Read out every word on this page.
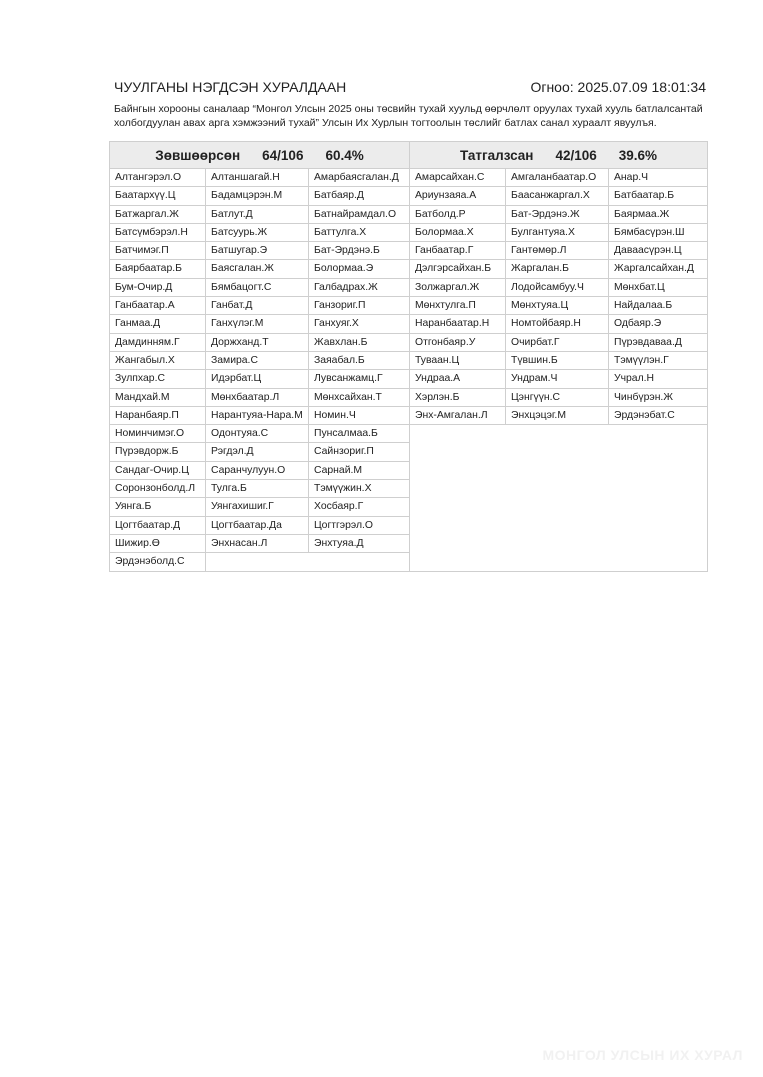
ЧУУЛГАНЫ НЭГДСЭН ХУРАЛДААН	Огноо: 2025.07.09 18:01:34
Байнгын хорооны саналаар “Монгол Улсын 2025 оны төсвийн тухай хуульд өөрчлөлт оруулах тухай хууль батлалсантай холбогдуулан авах арга хэмжээний тухай” Улсын Их Хурлын тогтоолын төслийг батлах санал хураалт явуулъя.
Зөвшөөрсөн 64/106 60.4%
Алтангэрэл.О	Алтаншагай.Н	Амарбаясгалан.Д
Баатархүү.Ц	Бадамцэрэн.М	Батбаяр.Д
Батжаргал.Ж	Батлут.Д	Батнайрамдал.О
Батсүмбэрэл.Н	Батсуурь.Ж	Баттулга.Х
Батчимэг.П	Батшугар.Э	Бат-Эрдэнэ.Б
Баярбаатар.Б	Баясгалан.Ж	Болормаа.Э
Бум-Очир.Д	Бямбацогт.С	Галбадрах.Ж
Ганбаатар.А	Ганбат.Д	Ганзориг.П
Ганмаа.Д	Ганхүлэг.М	Ганхуяг.Х
Дамдинням.Г	Доржханд.Т	Жавхлан.Б
Жангабыл.Х	Замира.С	Заяабал.Б
Зулпхар.С	Идэрбат.Ц	Лувсанжамц.Г
Мандхай.М	Мөнхбаатар.Л	Мөнхсайхан.Т
Наранбаяр.П	Нарантуяа-Нара.М	Номин.Ч
Номинчимэг.О	Одонтуяа.С	Пунсалмаа.Б
Пүрэвдорж.Б	Рэгдэл.Д	Сайнзориг.П
Сандаг-Очир.Ц	Саранчулуун.О	Сарнай.М
Соронзонболд.Л	Тулга.Б	Тэмүүжин.Х
Уянга.Б	Уянгахишиг.Г	Хосбаяр.Г
Цогтбаатар.Д	Цогтбаатар.Да	Цогтгэрэл.О
Шижир.Ө	Энхнасан.Л	Энхтуяа.Д
Эрдэнэболд.С
Татгалзсан 42/106 39.6%
Амарсайхан.С	Амгаланбаатар.О	Анар.Ч
Ариунзаяа.А	Баасанжаргал.Х	Батбаатар.Б
Батболд.Р	Бат-Эрдэнэ.Ж	Баярмаа.Ж
Болормаа.Х	Булгантуяа.Х	Бямбасүрэн.Ш
Ганбаатар.Г	Гантөмөр.Л	Даваасүрэн.Ц
Дэлгэрсайхан.Б	Жаргалан.Б	Жаргалсайхан.Д
Золжаргал.Ж	Лодойсамбуу.Ч	Мөнхбат.Ц
Мөнхтулга.П	Мөнхтуяа.Ц	Найдалаа.Б
Наранбаатар.Н	Номтойбаяр.Н	Одбаяр.Э
Отгонбаяр.У	Очирбат.Г	Пүрэвдаваа.Д
Туваан.Ц	Түвшин.Б	Тэмүүлэн.Г
Ундраа.А	Ундрам.Ч	Учрал.Н
Хэрлэн.Б	Цэнгүүн.С	Чинбүрэн.Ж
Энх-Амгалан.Л	Энхцэцэг.М	Эрдэнэбат.С
МОНГОЛ УЛСЫН ИХ ХУРАЛ
